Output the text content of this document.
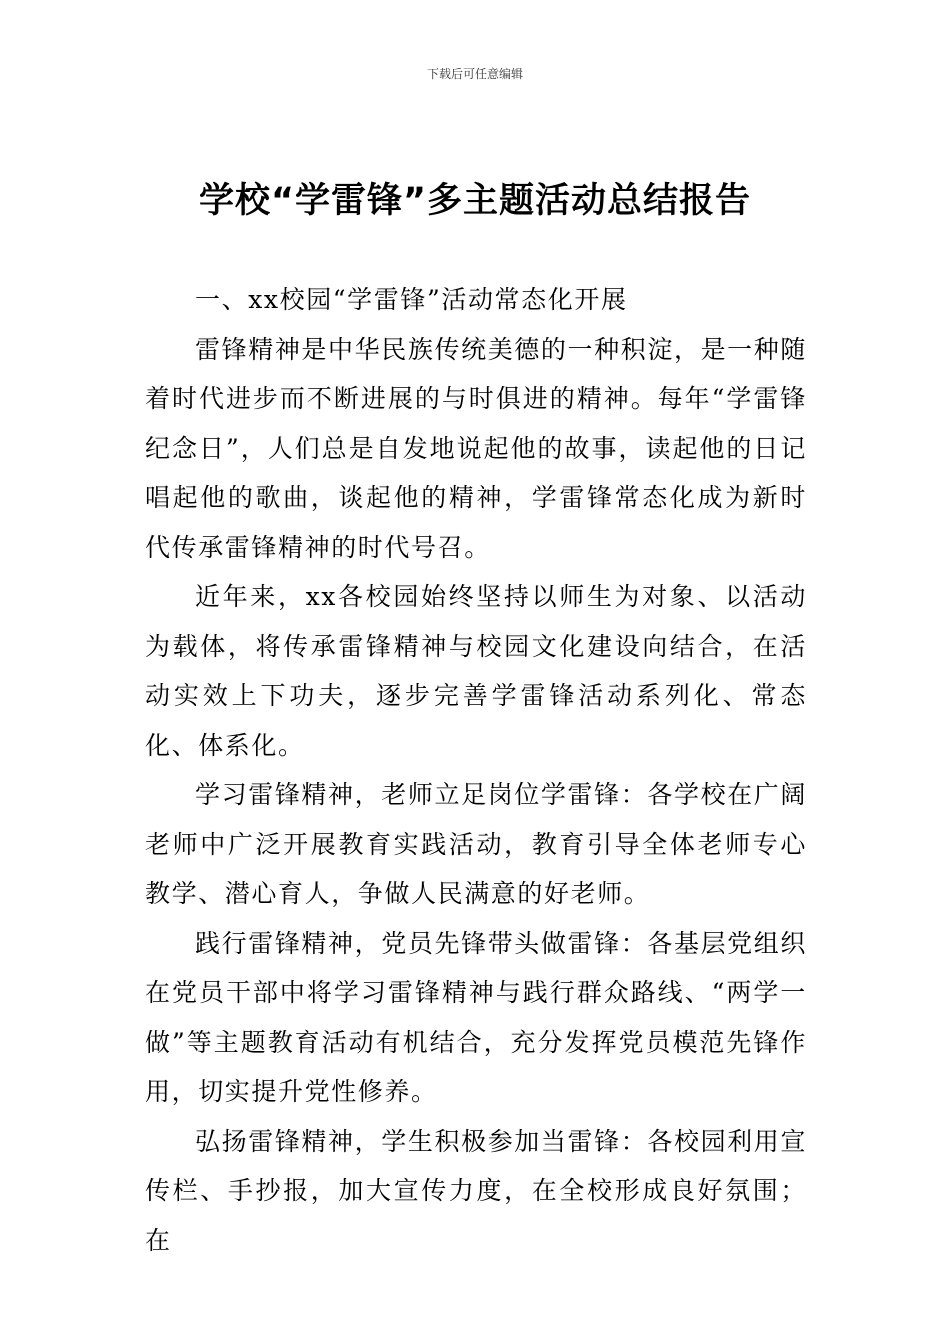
下载后可任意编辑
学校“学雷锋”多主题活动总结报告

一、xx校园“学雷锋”活动常态化开展

雷锋精神是中华民族传统美德的一种积淀，是一种随着时代进步而不断进展的与时俱进的精神。每年“学雷锋纪念日”，人们总是自发地说起他的故事，读起他的日记唱起他的歌曲，谈起他的精神，学雷锋常态化成为新时代传承雷锋精神的时代号召。

近年来，xx各校园始终坚持以师生为对象、以活动为载体，将传承雷锋精神与校园文化建设向结合，在活动实效上下功夫，逐步完善学雷锋活动系列化、常态化、体系化。

学习雷锋精神，老师立足岗位学雷锋：各学校在广阔老师中广泛开展教育实践活动，教育引导全体老师专心教学、潜心育人，争做人民满意的好老师。

践行雷锋精神，党员先锋带头做雷锋：各基层党组织在党员干部中将学习雷锋精神与践行群众路线、“两学一做”等主题教育活动有机结合，充分发挥党员模范先锋作用，切实提升党性修养。

弘扬雷锋精神，学生积极参加当雷锋：各校园利用宣传栏、手抄报，加大宣传力度，在全校形成良好氛围；在
